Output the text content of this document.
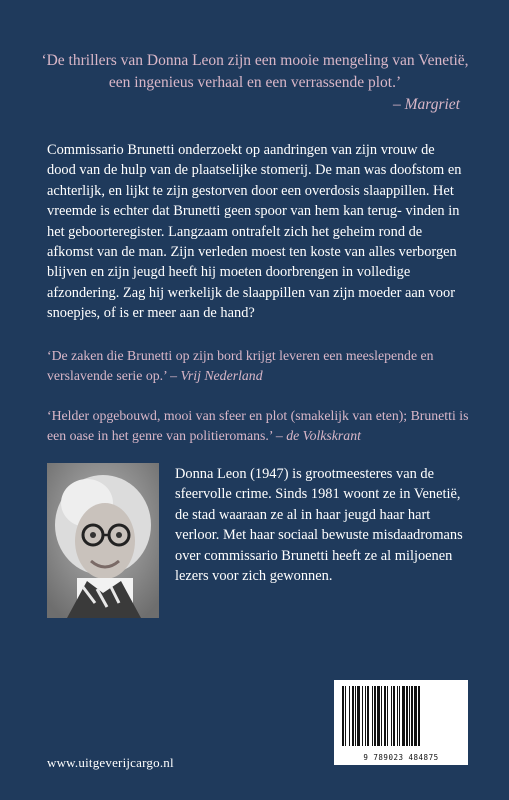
‘De thrillers van Donna Leon zijn een mooie mengeling van Venetië, een ingenieus verhaal en een verrassende plot.’
– Margriet
Commissario Brunetti onderzoekt op aandringen van zijn vrouw de dood van de hulp van de plaatselijke stomerij. De man was doofstom en achterlijk, en lijkt te zijn gestorven door een overdosis slaappillen. Het vreemde is echter dat Brunetti geen spoor van hem kan terug- vinden in het geboorteregister. Langzaam ontrafelt zich het geheim rond de afkomst van de man. Zijn verleden moest ten koste van alles verborgen blijven en zijn jeugd heeft hij moeten doorbrengen in volledige afzondering. Zag hij werkelijk de slaappillen van zijn moeder aan voor snoepjes, of is er meer aan de hand?
‘De zaken die Brunetti op zijn bord krijgt leveren een meeslepende en verslavende serie op.’ – Vrij Nederland
‘Helder opgebouwd, mooi van sfeer en plot (smakelijk van eten); Brunetti is een oase in het genre van politieromans.’ – de Volkskrant
Donna Leon (1947) is grootmeesteres van de sfeervolle crime. Sinds 1981 woont ze in Venetië, de stad waaraan ze al in haar jeugd haar hart verloor. Met haar sociaal bewuste misdaadromans over commissario Brunetti heeft ze al miljoenen lezers voor zich gewonnen.
9 789023 484875
www.uitgeverijcargo.nl
